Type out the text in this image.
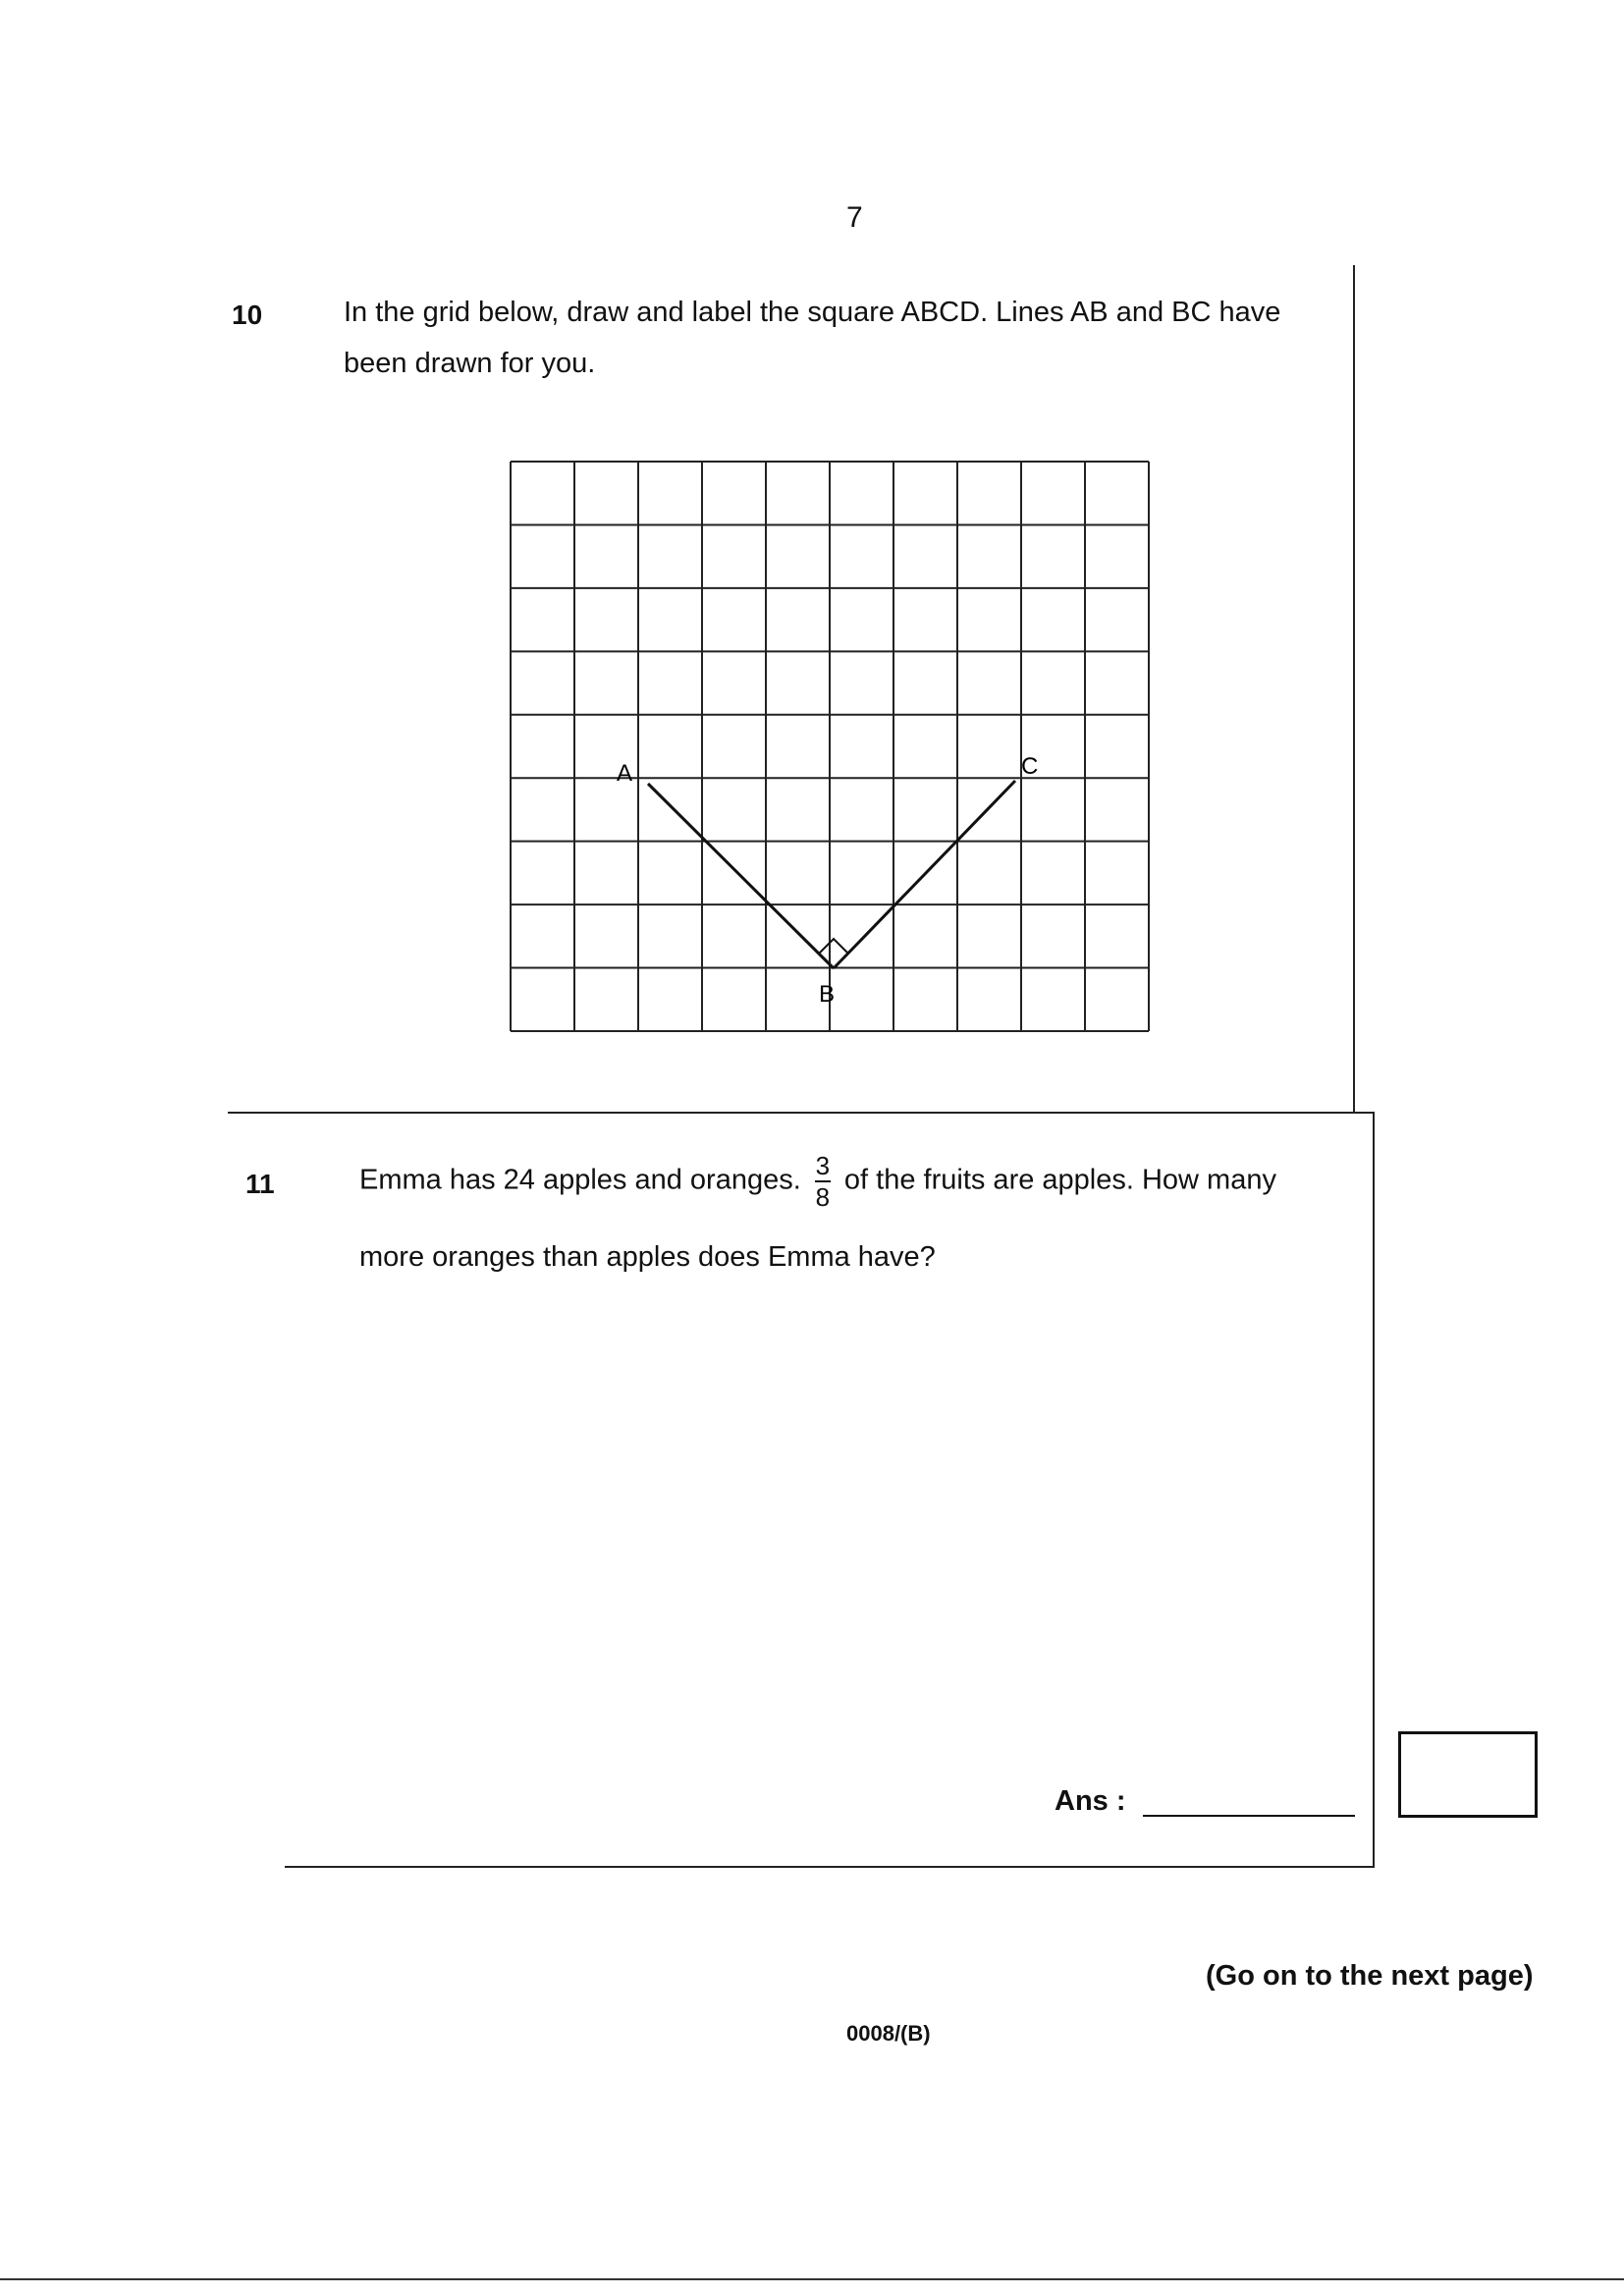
7
10	In the grid below, draw and label the square ABCD. Lines AB and BC have
been drawn for you.
A
B
C
11	Emma has 24 apples and oranges. $\frac{3}{8}$ of the fruits are apples. How many
more oranges than apples does Emma have?
Ans :
(Go on to the next page)
0008/(B)
